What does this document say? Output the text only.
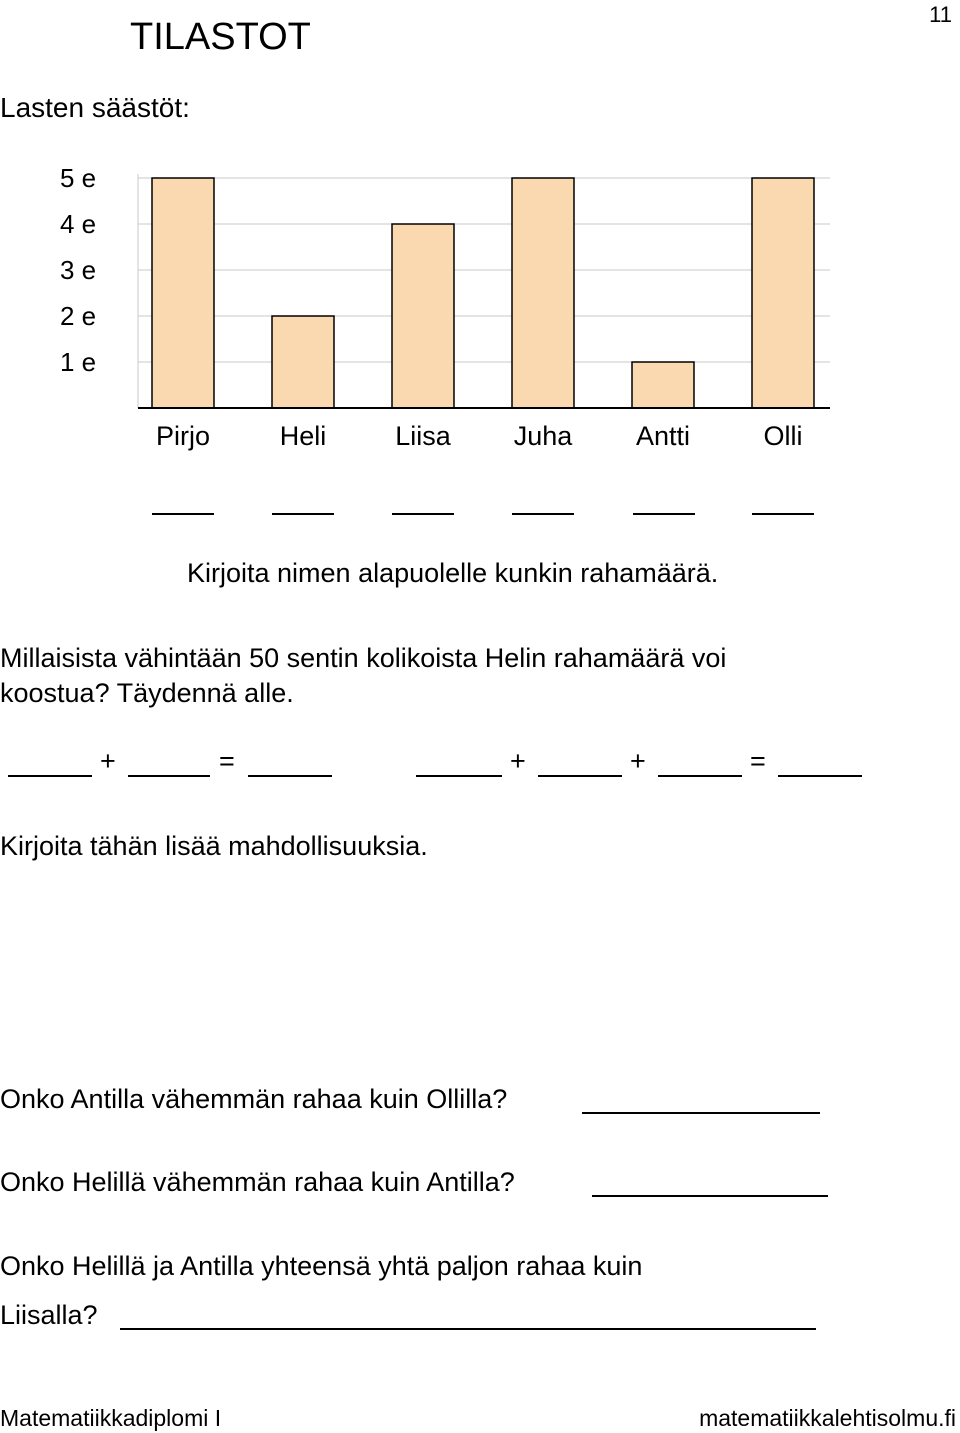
11
TILASTOT
Lasten säästöt:
1 e
2 e
3 e
4 e
5 e
Pirjo	Heli	Liisa Juha Antti	Olli
Kirjoita nimen alapuolelle kunkin rahamäärä.
Millaisista vähintään 50 sentin kolikoista Helin rahamäärä voi
koostua? Täydennä alle.
+	=	+	+	=
Kirjoita tähän lisää mahdollisuuksia.
Onko Antilla vähemmän rahaa kuin Ollilla?
Onko Helillä vähemmän rahaa kuin Antilla?
Onko Helillä ja Antilla yhteensä yhtä paljon rahaa kuin
Liisalla?
Matematiikkadiplomi I	matematiikkalehtisolmu.fi
